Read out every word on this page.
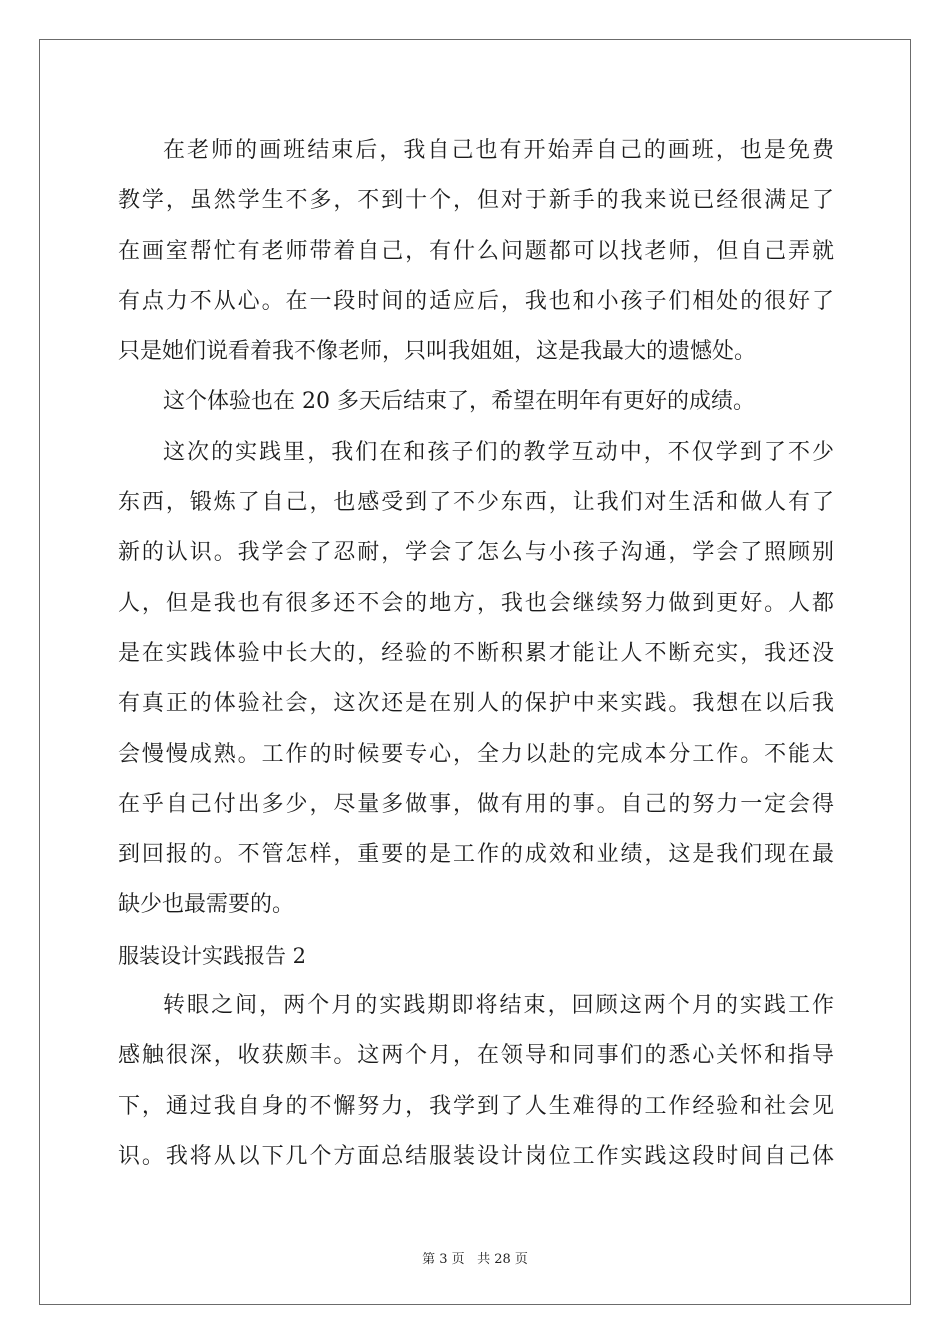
在老师的画班结束后，我自己也有开始弄自己的画班，也是免费
教学，虽然学生不多，不到十个，但对于新手的我来说已经很满足了
在画室帮忙有老师带着自己，有什么问题都可以找老师，但自己弄就
有点力不从心。在一段时间的适应后，我也和小孩子们相处的很好了
只是她们说看着我不像老师，只叫我姐姐，这是我最大的遗憾处。
这个体验也在 20 多天后结束了，希望在明年有更好的成绩。
这次的实践里，我们在和孩子们的教学互动中，不仅学到了不少
东西，锻炼了自己，也感受到了不少东西，让我们对生活和做人有了
新的认识。我学会了忍耐，学会了怎么与小孩子沟通，学会了照顾别
人，但是我也有很多还不会的地方，我也会继续努力做到更好。人都
是在实践体验中长大的，经验的不断积累才能让人不断充实，我还没
有真正的体验社会，这次还是在别人的保护中来实践。我想在以后我
会慢慢成熟。工作的时候要专心，全力以赴的完成本分工作。不能太
在乎自己付出多少，尽量多做事，做有用的事。自己的努力一定会得
到回报的。不管怎样，重要的是工作的成效和业绩，这是我们现在最
缺少也最需要的。
服装设计实践报告 2
转眼之间，两个月的实践期即将结束，回顾这两个月的实践工作
感触很深，收获颇丰。这两个月，在领导和同事们的悉心关怀和指导
下，通过我自身的不懈努力，我学到了人生难得的工作经验和社会见
识。我将从以下几个方面总结服装设计岗位工作实践这段时间自己体
第 3 页 共 28 页
